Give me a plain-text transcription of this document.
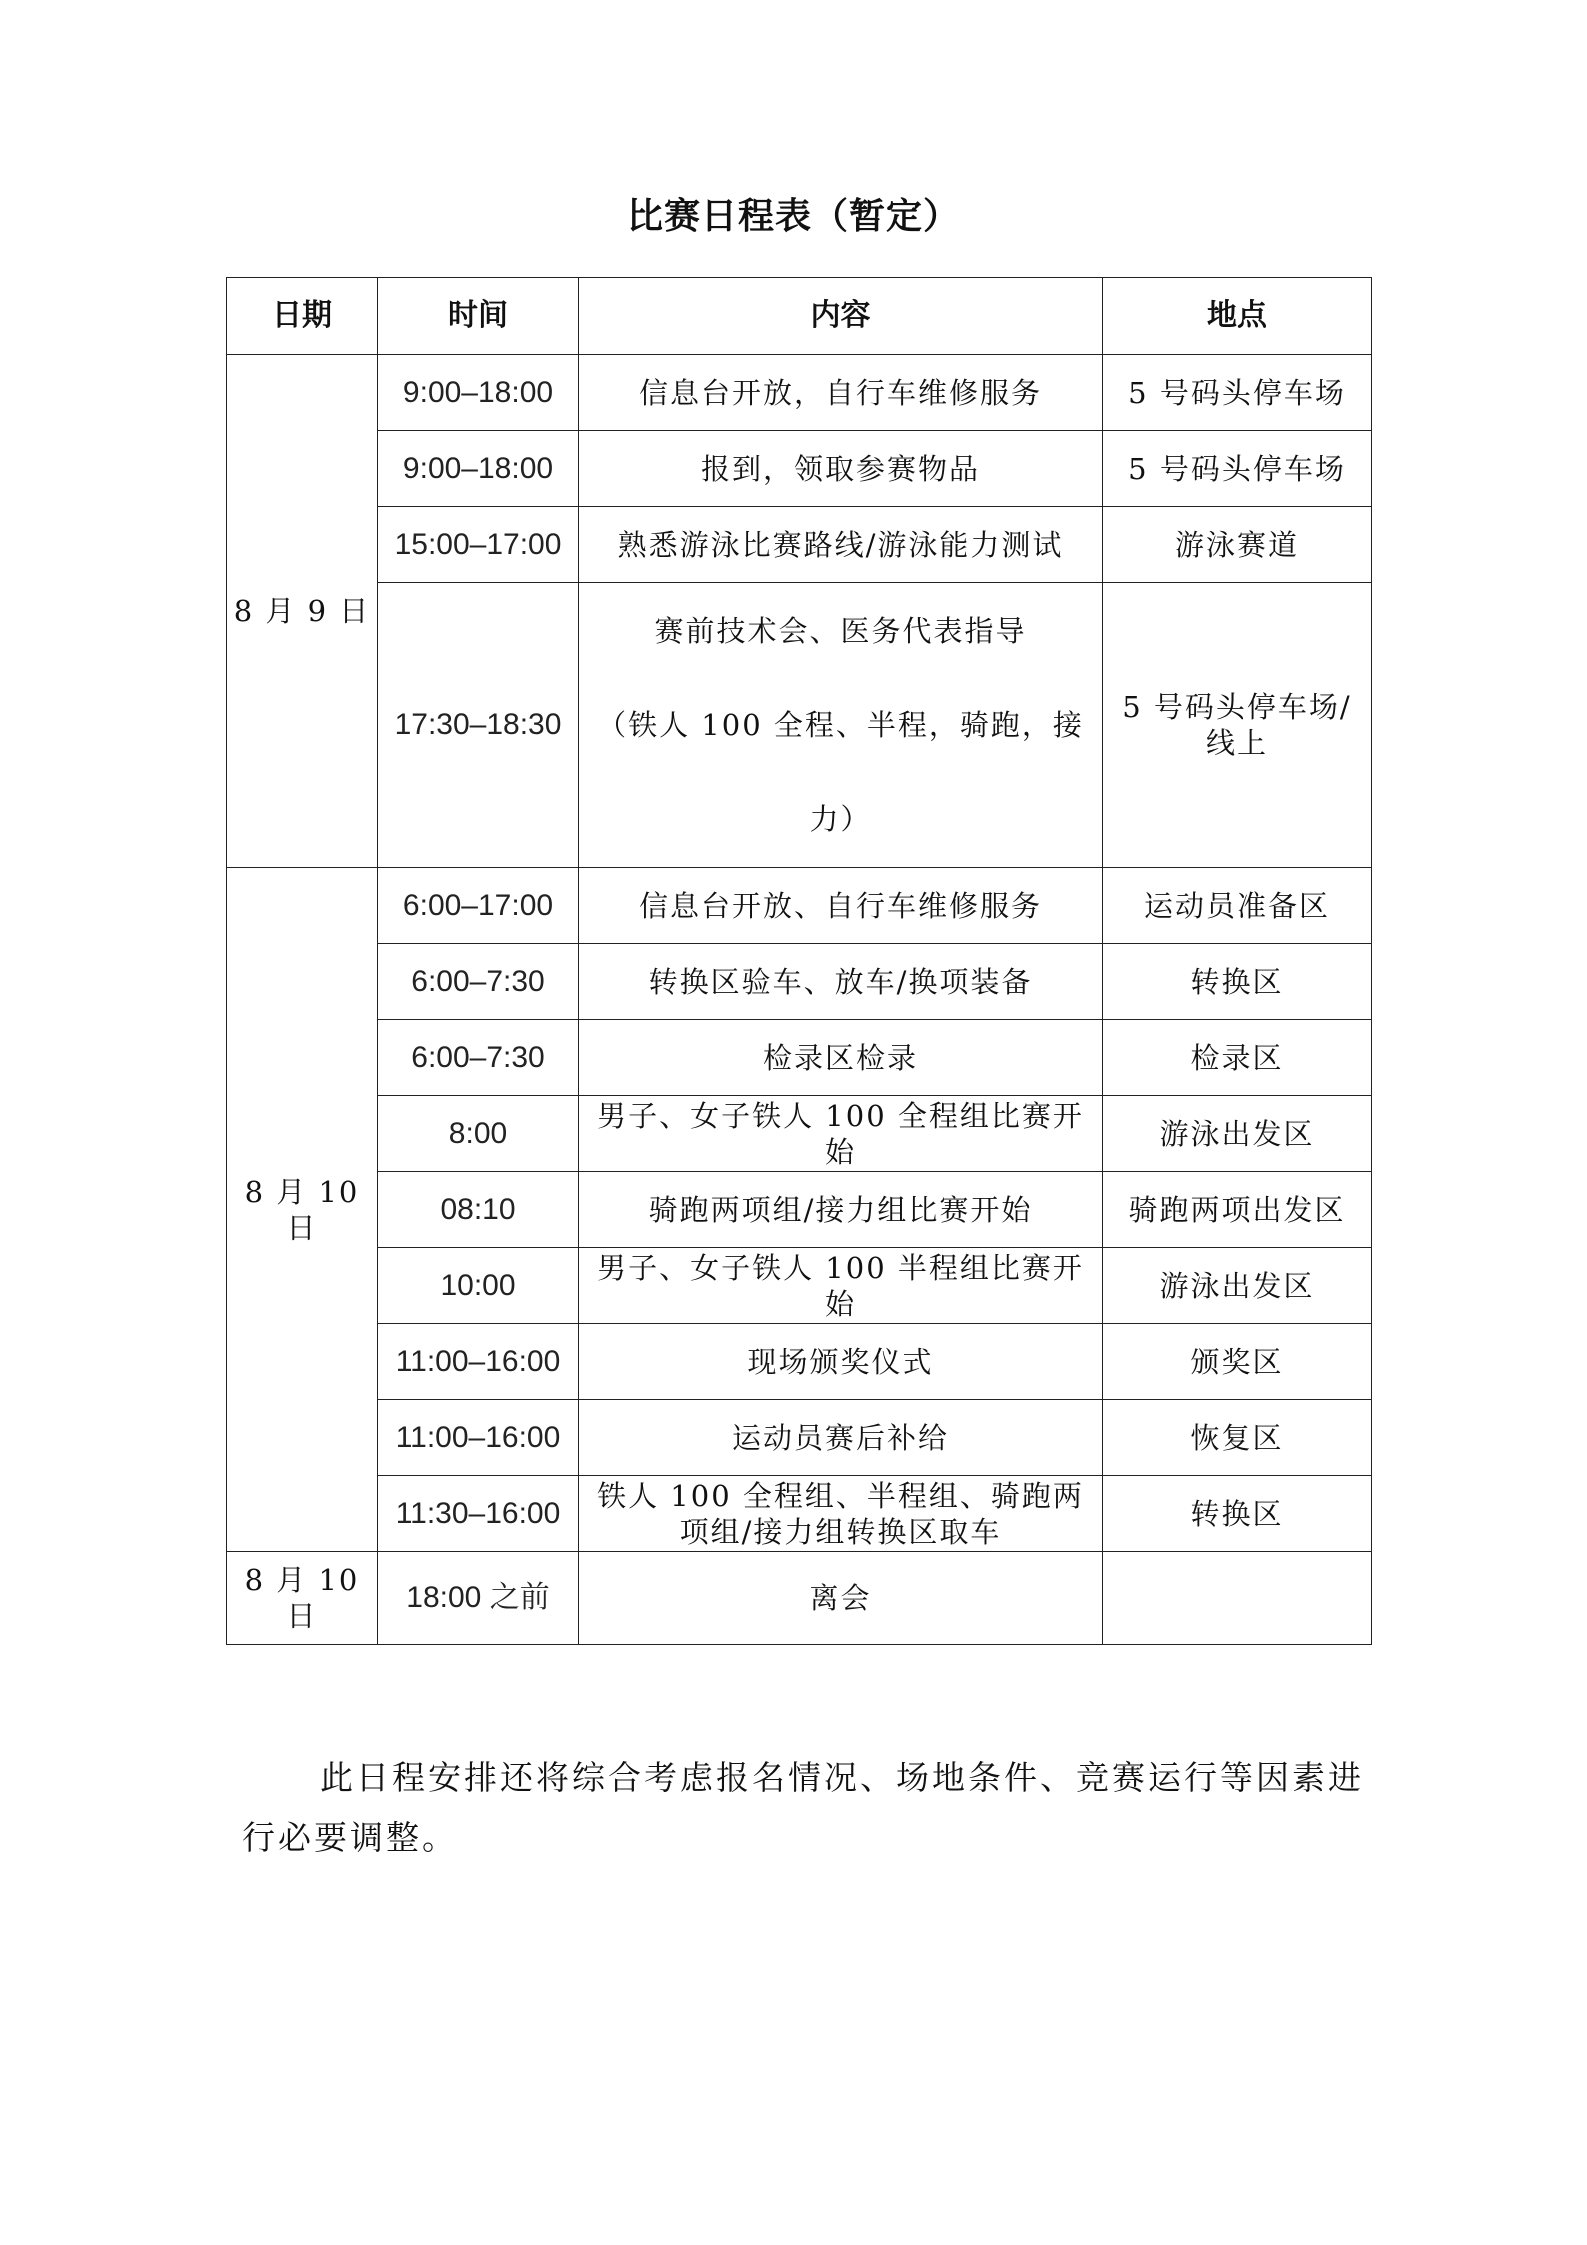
比赛日程表（暂定）
日期	时间	内容	地点
8 月 9 日	9:00–18:00	信息台开放，自行车维修服务	5 号码头停车场
	9:00–18:00	报到，领取参赛物品	5 号码头停车场
	15:00–17:00	熟悉游泳比赛路线/游泳能力测试	游泳赛道
	17:30–18:30	赛前技术会、医务代表指导
（铁人 100 全程、半程，骑跑，接
力）	5 号码头停车场/线上
8 月 10 日	6:00–17:00	信息台开放、自行车维修服务	运动员准备区
	6:00–7:30	转换区验车、放车/换项装备	转换区
	6:00–7:30	检录区检录	检录区
	8:00	男子、女子铁人 100 全程组比赛开始	游泳出发区
	08:10	骑跑两项组/接力组比赛开始	骑跑两项出发区
	10:00	男子、女子铁人 100 半程组比赛开始	游泳出发区
	11:00–16:00	现场颁奖仪式	颁奖区
	11:00–16:00	运动员赛后补给	恢复区
	11:30–16:00	铁人 100 全程组、半程组、骑跑两项组/接力组转换区取车	转换区
8 月 10 日	18:00 之前	离会	

此日程安排还将综合考虑报名情况、场地条件、竞赛运行等因素进行必要调整。
